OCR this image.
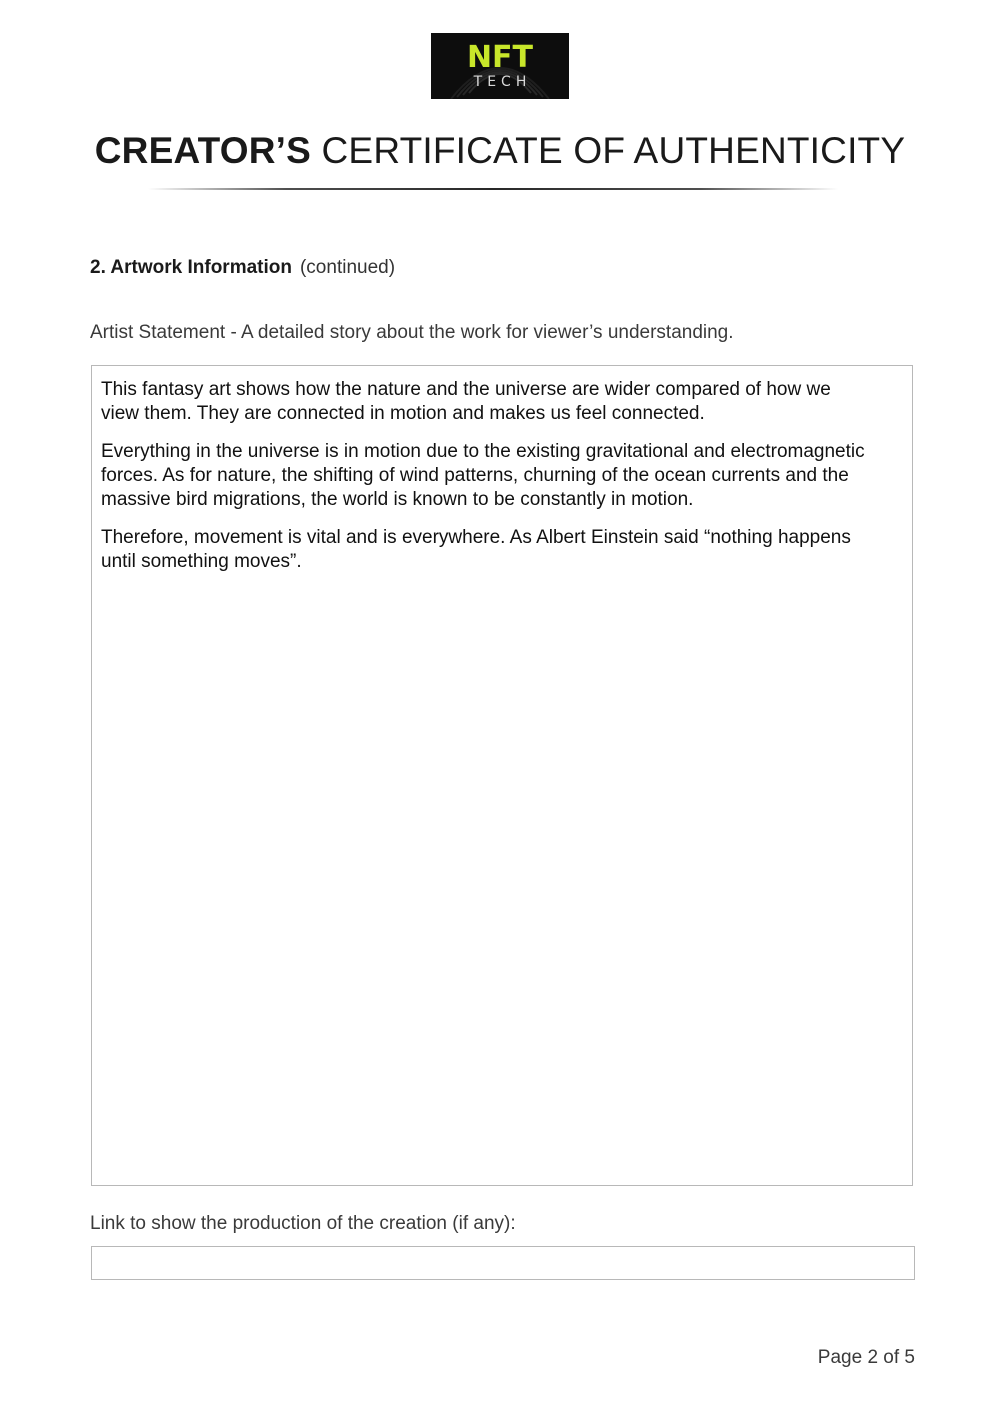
NFT
TECH
CREATOR’S CERTIFICATE OF AUTHENTICITY
2. Artwork Information (continued)
Artist Statement - A detailed story about the work for viewer’s understanding.

This fantasy art shows how the nature and the universe are wider compared of how we view them. They are connected in motion and makes us feel connected.

Everything in the universe is in motion due to the existing gravitational and electromagnetic forces. As for nature, the shifting of wind patterns, churning of the ocean currents and the massive bird migrations, the world is known to be constantly in motion.

Therefore, movement is vital and is everywhere. As Albert Einstein said “nothing happens until something moves”.

Link to show the production of the creation (if any):
Page 2 of 5
